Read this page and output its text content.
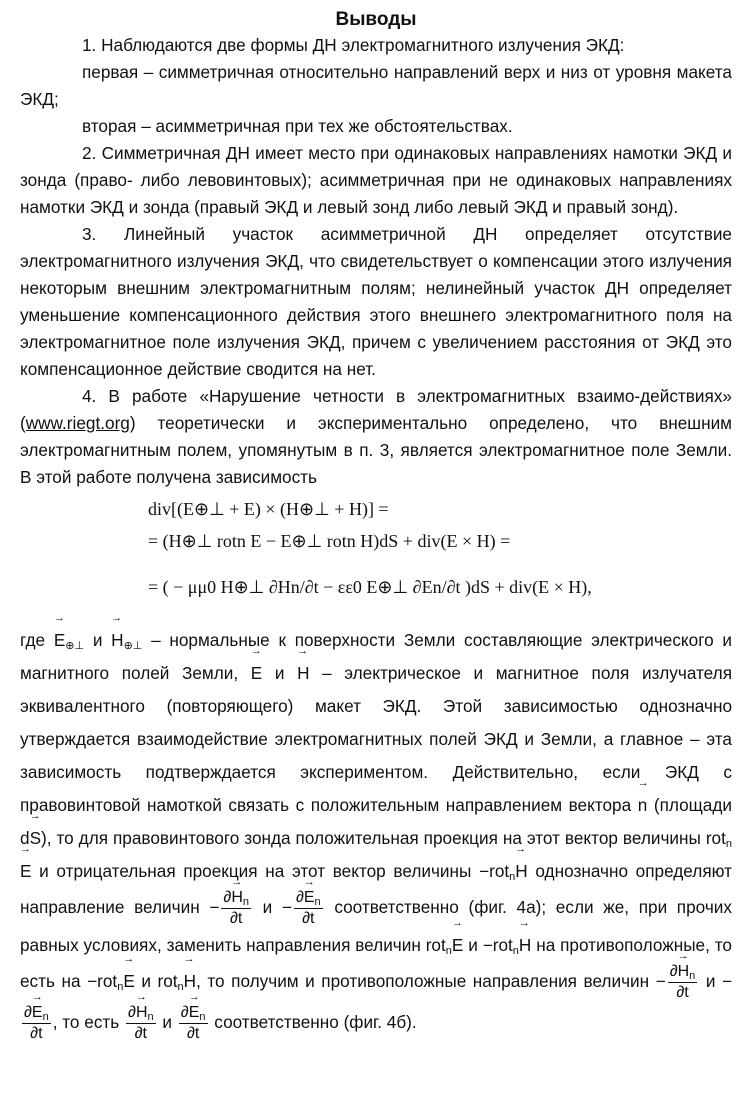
Выводы

1. Наблюдаются две формы ДН электромагнитного излучения ЭКД:

первая – симметричная относительно направлений верх и низ от уровня макета ЭКД;

вторая – асимметричная при тех же обстоятельствах.

2. Симметричная ДН имеет место при одинаковых направлениях намотки ЭКД и зонда (право- либо левовинтовых); асимметричная при не одинаковых направлениях намотки ЭКД и зонда (правый ЭКД и левый зонд либо левый ЭКД и правый зонд).

3. Линейный участок асимметричной ДН определяет отсутствие электромагнитного излучения ЭКД, что свидетельствует о компенсации этого излучения некоторым внешним электромагнитным полям; нелинейный участок ДН определяет уменьшение компенсационного действия этого внешнего электромагнитного поля на электромагнитное поле излучения ЭКД, причем с увеличением расстояния от ЭКД это компенсационное действие сводится на нет.

4. В работе «Нарушение четности в электромагнитных взаимо-действиях» (www.riegt.org) теоретически и экспериментально определено, что внешним электромагнитным полем, упомянутым в п. 3, является электромагнитное поле Земли. В этой работе получена зависимость

div[(E⊕⊥ + E) × (H⊕⊥ + H)] =
= (H⊕⊥ rotn E − E⊕⊥ rotn H)dS + div(E × H) =
= ( − μμ0 H⊕⊥ ∂Hn/∂t − εε0 E⊕⊥ ∂En/∂t )dS + div(E × H),

где → $E_{\oplus\perp}$ $и \to H_{\oplus\perp}$ – нормальные к поверхности Земли составляющие электрического и магнитного полей Земли, → E и → H – электрическое и магнитное поля излучателя эквивалентного (повторяющего) макет ЭКД. Этой зависимостью однозначно утверждается взаимодействие электромагнитных полей ЭКД и Земли, а главное – эта зависимость подтверждается экспериментом. Действительно, если ЭКД с правовинтовой намоткой связать с положительным направлением вектора → n (площади d→ S), то для правовинтового зонда положительная проекция на этот вектор величины rot$_n$→ E и отрицательная проекция на этот вектор величины −rot$_n$→ H однозначно определяют направление величин − $\frac{\partial\to H_n}{\partial t}$ $и - \frac{\partial\to E_n}{\partial t}$ соответственно (фиг. 4а); если же, при прочих равных условиях, заменить направления величин rot$_n$→ E и −rot$_n$→ H на противоположные, то есть на −rot$_n$→ E и rot$_n$→ H, то получим и противоположные направления величин − $\frac{\partial\to H_n}{\partial t}$ и −
$\frac{\partial\to E_n}{\partial t}$ , то есть $\frac{\partial\to H_n}{\partial t}$ и $\frac{\partial\to E_n}{\partial t}$ соответственно (фиг. 4б).
